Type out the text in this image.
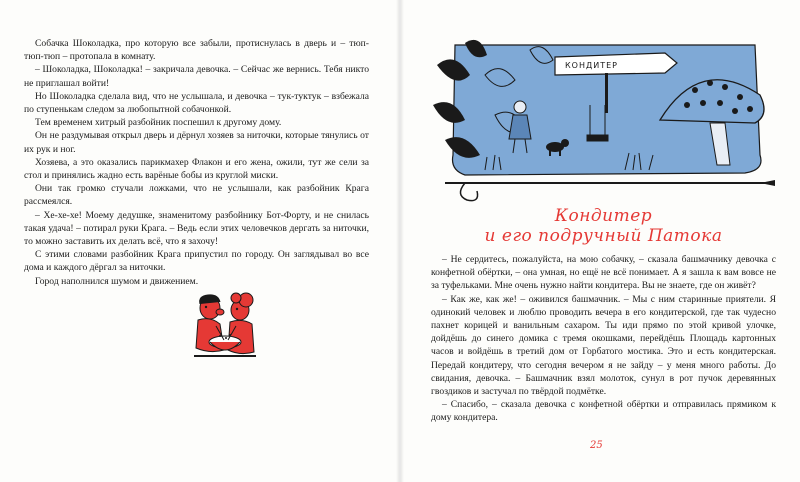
Собачка Шоколадка, про которую все забыли, протиснулась в дверь и – тюп-тюп-тюп – протопала в комнату.

– Шоколадка, Шоколадка! – закричала девочка. – Сейчас же вернись. Тебя никто не приглашал войти!

Но Шоколадка сделала вид, что не услышала, и девочка – тук-туктук – взбежала по ступенькам следом за любопытной собачонкой.

Тем временем хитрый разбойник поспешил к другому дому.

Он не раздумывая открыл дверь и дёрнул хозяев за ниточки, которые тянулись от их рук и ног.

Хозяева, а это оказались парикмахер Флакон и его жена, ожили, тут же сели за стол и принялись жадно есть варёные бобы из круглой миски.

Они так громко стучали ложками, что не услышали, как разбойник Крага рассмеялся.

– Хе-хе-хе! Моему дедушке, знаменитому разбойнику Бот-Форту, и не снилась такая удача! – потирал руки Крага. – Ведь если этих человечков дергать за ниточки, то можно заставить их делать всё, что я захочу!

С этими словами разбойник Крага припустил по городу. Он заглядывал во все дома и каждого дёргал за ниточки.

Город наполнился шумом и движением.

КОНДИТЕР
Кондитер
и его подручный Патока

– Не сердитесь, пожалуйста, на мою собачку, – сказала башмачнику девочка с конфетной обёртки, – она умная, но ещё не всё понимает. А я зашла к вам вовсе не за туфельками. Мне очень нужно найти кондитера. Вы не знаете, где он живёт?

– Как же, как же! – оживился башмачник. – Мы с ним старинные приятели. Я одинокий человек и люблю проводить вечера в его кондитерской, где так чудесно пахнет корицей и ванильным сахаром. Ты иди прямо по этой кривой улочке, дойдёшь до синего домика с тремя окошками, перейдёшь Площадь картонных часов и войдёшь в третий дом от Горбатого мостика. Это и есть кондитерская. Передай кондитеру, что сегодня вечером я не зайду – у меня много работы. До свидания, девочка. – Башмачник взял молоток, сунул в рот пучок деревянных гвоздиков и застучал по твёрдой подмётке.

– Спасибо, – сказала девочка с конфетной обёртки и отправилась прямиком к дому кондитера.

25
